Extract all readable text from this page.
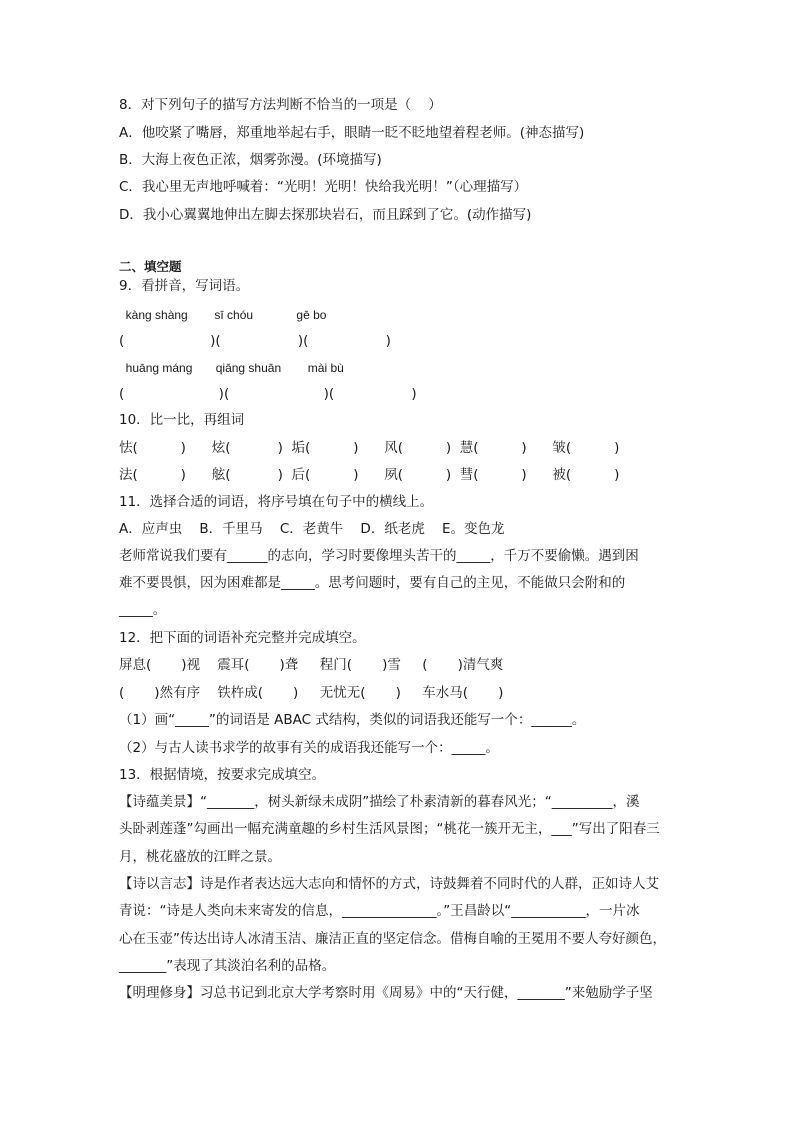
8．对下列句子的描写方法判断不恰当的一项是（    ）
A．他咬紧了嘴唇，郑重地举起右手，眼睛一眨不眨地望着程老师。(神态描写)
B．大海上夜色正浓，烟雾弥漫。(环境描写)
C．我心里无声地呼喊着：“光明！光明！快给我光明！”（心理描写）
D．我小心翼翼地伸出左脚去探那块岩石，而且踩到了它。(动作描写)
二、填空题
9．看拼音，写词语。
kàng shàng        sī chóu             gē bo
(                    )(                  )(                  )
huāng máng       qiāng shuān        mài bù
(                      )(                      )(                  )
10．比一比，再组词
怯(          )      炫(           )  垢(          )      风(          )  慧(          )      皱(          )
法(          )      舷(           )  后(          )      夙(          )  彗(          )      被(          )
11．选择合适的词语，将序号填在句子中的横线上。
A．应声虫    B．千里马    C．老黄牛    D．纸老虎    E。变色龙
老师常说我们要有______的志向，学习时要像埋头苦干的_____，千万不要偷懒。遇到困
难不要畏惧，因为困难都是_____。思考问题时，要有自己的主见，不能做只会附和的
_____。
12．把下面的词语补充完整并完成填空。
屏息(       )视    震耳(       )聋     程门(       )雪     (       )清气爽
(       )然有序    铁杵成(       )     无忧无(       )     车水马(       )
（1）画“_____”的词语是 ABAC 式结构，类似的词语我还能写一个：______。
（2）与古人读书求学的故事有关的成语我还能写一个：_____。
13．根据情境，按要求完成填空。
【诗蕴美景】“_______，树头新绿未成阴”描绘了朴素清新的暮春风光；“_________，溪
头卧剥莲蓬”勾画出一幅充满童趣的乡村生活风景图；“桃花一簇开无主，___”写出了阳春三
月，桃花盛放的江畔之景。
【诗以言志】诗是作者表达远大志向和情怀的方式，诗鼓舞着不同时代的人群，正如诗人艾
青说：“诗是人类向未来寄发的信息，______________。”王昌龄以“___________，一片冰
心在玉壶”传达出诗人冰清玉洁、廉洁正直的坚定信念。借梅自喻的王冕用不要人夸好颜色，
_______”表现了其淡泊名利的品格。
【明理修身】习总书记到北京大学考察时用《周易》中的“天行健，_______”来勉励学子坚
